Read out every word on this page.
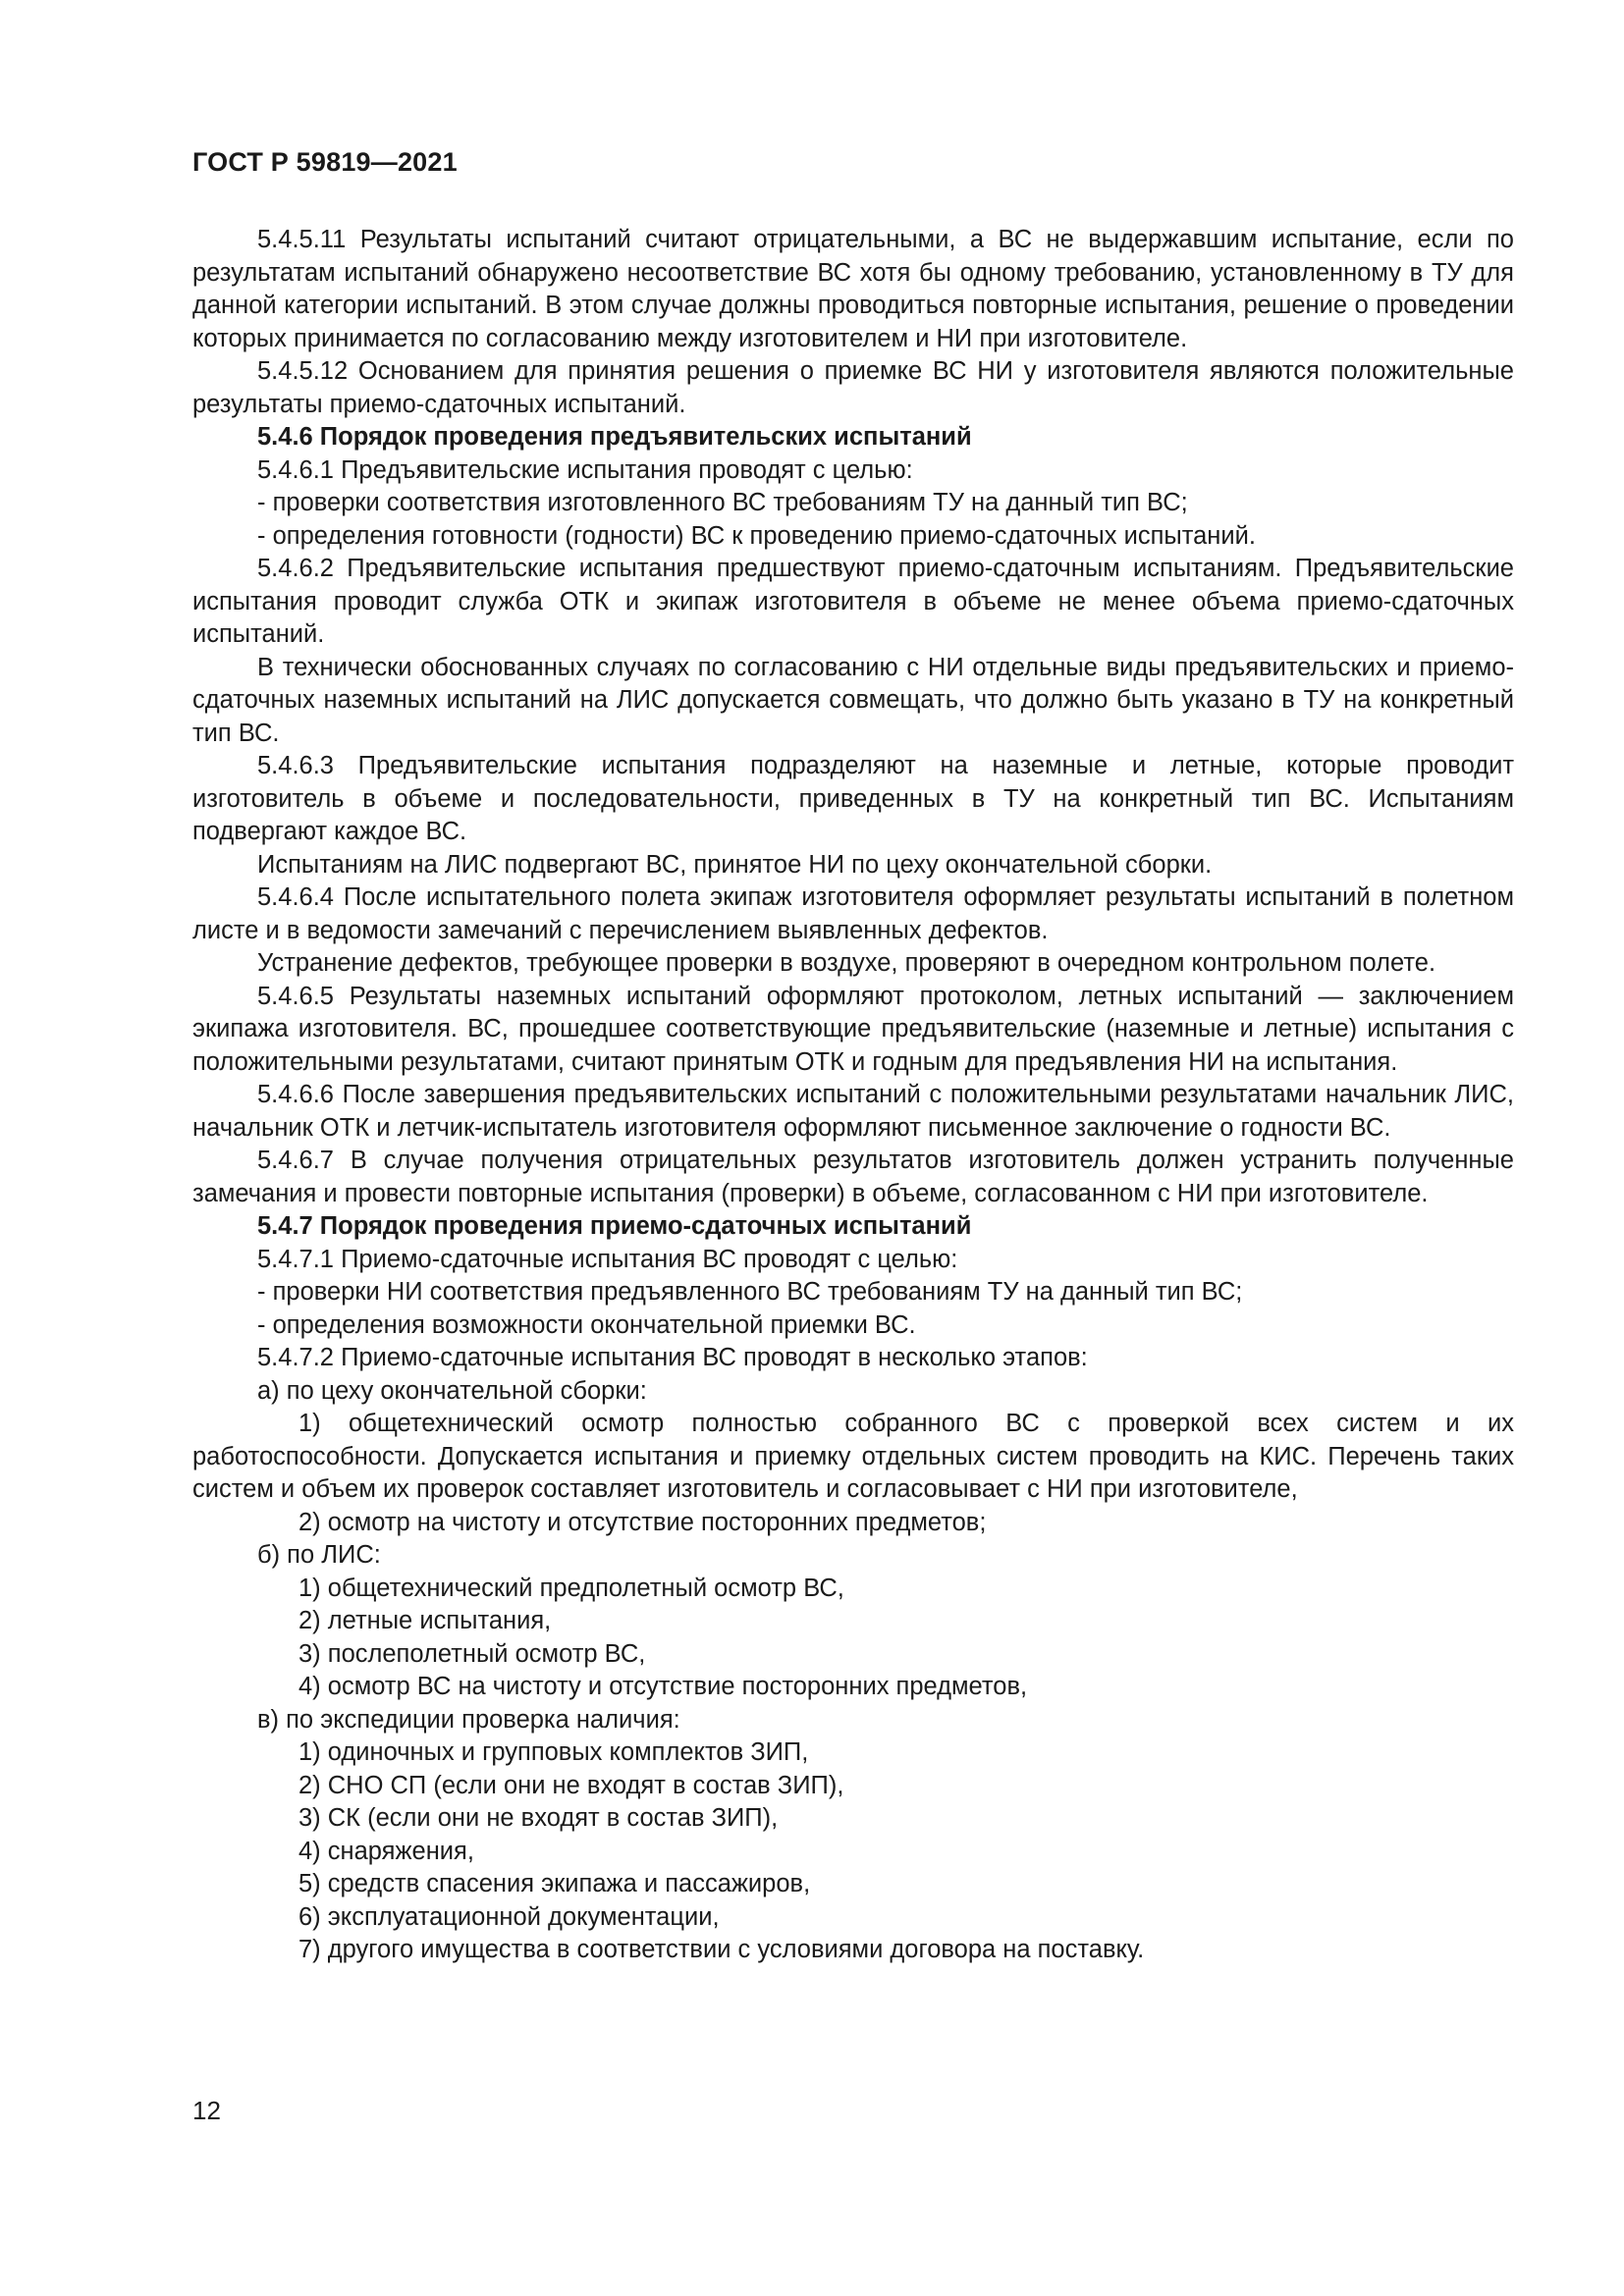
ГОСТ Р 59819—2021

5.4.5.11 Результаты испытаний считают отрицательными, а ВС не выдержавшим испытание, если по результатам испытаний обнаружено несоответствие ВС хотя бы одному требованию, установленному в ТУ для данной категории испытаний. В этом случае должны проводиться повторные испытания, решение о проведении которых принимается по согласованию между изготовителем и НИ при изготовителе.

5.4.5.12 Основанием для принятия решения о приемке ВС НИ у изготовителя являются положительные результаты приемо-сдаточных испытаний.

5.4.6 Порядок проведения предъявительских испытаний

5.4.6.1 Предъявительские испытания проводят с целью:

- проверки соответствия изготовленного ВС требованиям ТУ на данный тип ВС;

- определения готовности (годности) ВС к проведению приемо-сдаточных испытаний.

5.4.6.2 Предъявительские испытания предшествуют приемо-сдаточным испытаниям. Предъявительские испытания проводит служба ОТК и экипаж изготовителя в объеме не менее объема приемо-сдаточных испытаний.

В технически обоснованных случаях по согласованию с НИ отдельные виды предъявительских и приемо-сдаточных наземных испытаний на ЛИС допускается совмещать, что должно быть указано в ТУ на конкретный тип ВС.

5.4.6.3 Предъявительские испытания подразделяют на наземные и летные, которые проводит изготовитель в объеме и последовательности, приведенных в ТУ на конкретный тип ВС. Испытаниям подвергают каждое ВС.

Испытаниям на ЛИС подвергают ВС, принятое НИ по цеху окончательной сборки.

5.4.6.4 После испытательного полета экипаж изготовителя оформляет результаты испытаний в полетном листе и в ведомости замечаний с перечислением выявленных дефектов.

Устранение дефектов, требующее проверки в воздухе, проверяют в очередном контрольном полете.

5.4.6.5 Результаты наземных испытаний оформляют протоколом, летных испытаний — заключением экипажа изготовителя. ВС, прошедшее соответствующие предъявительские (наземные и летные) испытания с положительными результатами, считают принятым ОТК и годным для предъявления НИ на испытания.

5.4.6.6 После завершения предъявительских испытаний с положительными результатами начальник ЛИС, начальник ОТК и летчик-испытатель изготовителя оформляют письменное заключение о годности ВС.

5.4.6.7 В случае получения отрицательных результатов изготовитель должен устранить полученные замечания и провести повторные испытания (проверки) в объеме, согласованном с НИ при изготовителе.

5.4.7 Порядок проведения приемо-сдаточных испытаний

5.4.7.1 Приемо-сдаточные испытания ВС проводят с целью:

- проверки НИ соответствия предъявленного ВС требованиям ТУ на данный тип ВС;

- определения возможности окончательной приемки ВС.

5.4.7.2 Приемо-сдаточные испытания ВС проводят в несколько этапов:

а) по цеху окончательной сборки:

1) общетехнический осмотр полностью собранного ВС с проверкой всех систем и их работоспособности. Допускается испытания и приемку отдельных систем проводить на КИС. Перечень таких систем и объем их проверок составляет изготовитель и согласовывает с НИ при изготовителе,

2) осмотр на чистоту и отсутствие посторонних предметов;

б) по ЛИС:

1) общетехнический предполетный осмотр ВС,

2) летные испытания,

3) послеполетный осмотр ВС,

4) осмотр ВС на чистоту и отсутствие посторонних предметов,

в) по экспедиции проверка наличия:

1) одиночных и групповых комплектов ЗИП,

2) СНО СП (если они не входят в состав ЗИП),

3) СК (если они не входят в состав ЗИП),

4) снаряжения,

5) средств спасения экипажа и пассажиров,

6) эксплуатационной документации,

7) другого имущества в соответствии с условиями договора на поставку.

12
